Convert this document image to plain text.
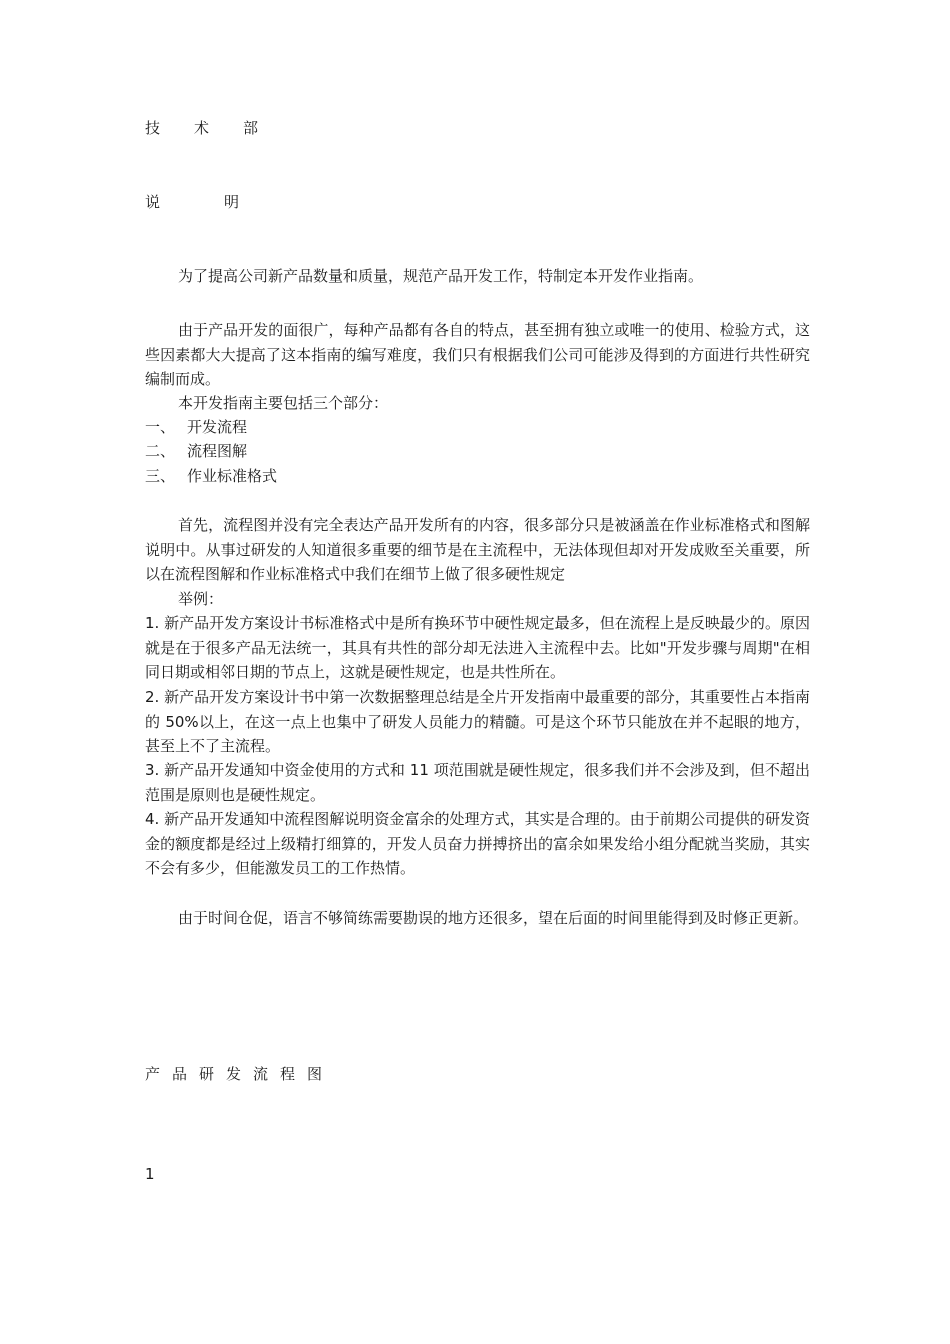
技术部
说明

为了提高公司新产品数量和质量，规范产品开发工作，特制定本开发作业指南。

由于产品开发的面很广，每种产品都有各自的特点，甚至拥有独立或唯一的使用、检验方式，这些因素都大大提高了这本指南的编写难度，我们只有根据我们公司可能涉及得到的方面进行共性研究编制而成。

本开发指南主要包括三个部分：

一、 开发流程
二、 流程图解
三、 作业标准格式

首先，流程图并没有完全表达产品开发所有的内容，很多部分只是被涵盖在作业标准格式和图解说明中。从事过研发的人知道很多重要的细节是在主流程中，无法体现但却对开发成败至关重要，所以在流程图解和作业标准格式中我们在细节上做了很多硬性规定

举例：

1. 新产品开发方案设计书标准格式中是所有换环节中硬性规定最多，但在流程上是反映最少的。原因就是在于很多产品无法统一，其具有共性的部分却无法进入主流程中去。比如"开发步骤与周期"在相同日期或相邻日期的节点上，这就是硬性规定，也是共性所在。

2. 新产品开发方案设计书中第一次数据整理总结是全片开发指南中最重要的部分，其重要性占本指南的 50%以上，在这一点上也集中了研发人员能力的精髓。可是这个环节只能放在并不起眼的地方，甚至上不了主流程。

3. 新产品开发通知中资金使用的方式和 11 项范围就是硬性规定，很多我们并不会涉及到，但不超出范围是原则也是硬性规定。

4. 新产品开发通知中流程图解说明资金富余的处理方式，其实是合理的。由于前期公司提供的研发资金的额度都是经过上级精打细算的，开发人员奋力拼搏挤出的富余如果发给小组分配就当奖励，其实不会有多少，但能激发员工的工作热情。

由于时间仓促，语言不够简练需要勘误的地方还很多，望在后面的时间里能得到及时修正更新。

产品研发流程图
1
